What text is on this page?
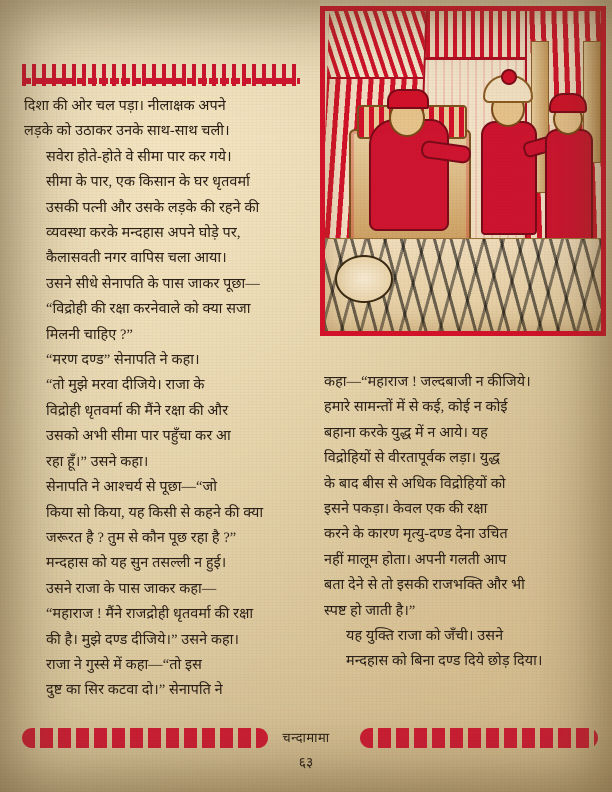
दिशा की ओर चल पड़ा। नीलाक्षक अपने
लड़के को उठाकर उनके साथ-साथ चली।

सवेरा होते-होते वे सीमा पार कर गये।
सीमा के पार, एक किसान के घर धृतवर्मा
उसकी पत्नी और उसके लड़के की रहने की
व्यवस्था करके मन्दहास अपने घोड़े पर,
कैलासवती नगर वापिस चला आया।
उसने सीधे सेनापति के पास जाकर पूछा—
“विद्रोही की रक्षा करनेवाले को क्या सजा
मिलनी चाहिए ?”

“मरण दण्ड” सेनापति ने कहा।

“तो मुझे मरवा दीजिये। राजा के
विद्रोही धृतवर्मा की मैंने रक्षा की और
उसको अभी सीमा पार पहुँचा कर आ
रहा हूँ।” उसने कहा।

सेनापति ने आश्चर्य से पूछा—“जो
किया सो किया, यह किसी से कहने की क्या
जरूरत है ? तुम से कौन पूछ रहा है ?”

मन्दहास को यह सुन तसल्ली न हुई।
उसने राजा के पास जाकर कहा—
“महाराज ! मैंने राजद्रोही धृतवर्मा की रक्षा
की है। मुझे दण्ड दीजिये।” उसने कहा।

राजा ने गुस्से में कहा—“तो इस
दुष्ट का सिर कटवा दो।” सेनापति ने

कहा—“महाराज ! जल्दबाजी न कीजिये।
हमारे सामन्तों में से कई, कोई न कोई
बहाना करके युद्ध में न आये। यह
विद्रोहियों से वीरतापूर्वक लड़ा। युद्ध
के बाद बीस से अधिक विद्रोहियों को
इसने पकड़ा। केवल एक की रक्षा
करने के कारण मृत्यु-दण्ड देना उचित
नहीं मालूम होता। अपनी गलती आप
बता देने से तो इसकी राजभक्ति और भी
स्पष्ट हो जाती है।”

यह युक्ति राजा को जँची। उसने
मन्दहास को बिना दण्ड दिये छोड़ दिया।

चन्दामामा
६३
